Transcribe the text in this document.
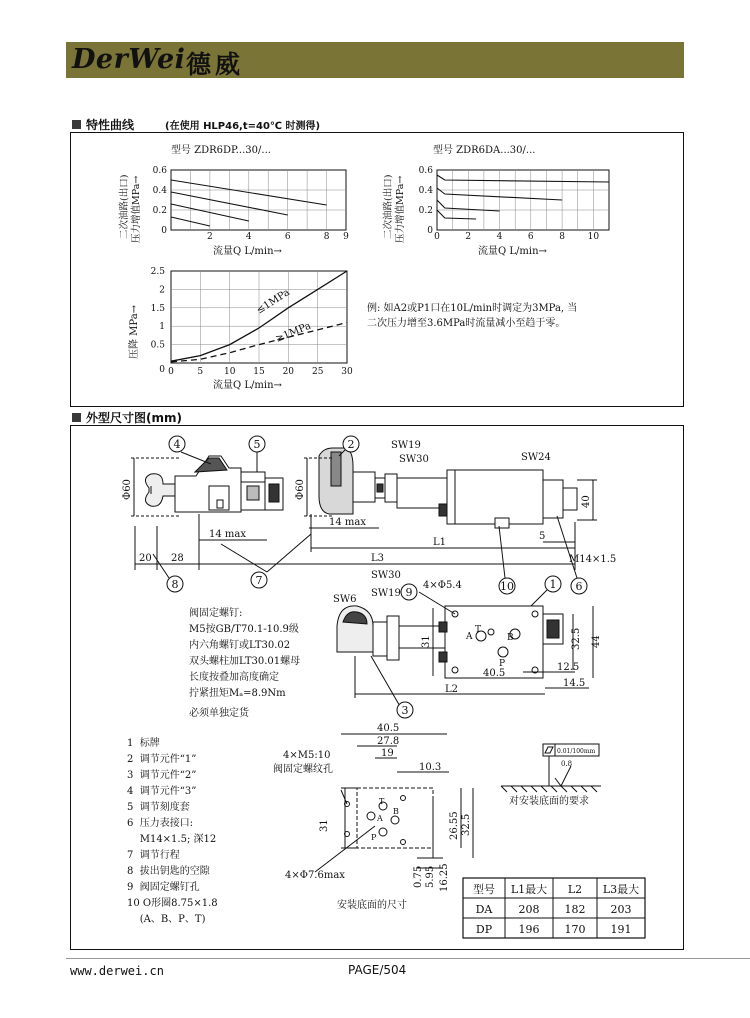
DerWei 德威
特性曲线	(在使用 HLP46,t=40℃ 时测得)
型号 ZDR6DP...30/...
0.6
0.4
0.2
0
2	4	6	8 9
流量Q L/min→
二次油路(出口) 压力增值MPa→
型号 ZDR6DA...30/...
0.6
0.4
0.2
0
0	2	4	6	8	10
流量Q L/min→
二次油路(出口) 压力增值MPa→
≤1MPa
≥1MPa
2.5
2
1.5
1
0.5
0 0	5 10 15 20 25 30
流量Q L/min→
压降 MPa→	例: 如A2或P1口在10L/min时调定为3MPa, 当
二次压力增至3.6MPa时流量减小至趋于零。
外型尺寸图(mm)
4	5	2
8	7	10	1 6
9
3
Φ60	Φ60
SW19
SW30	SW24
40
14 max
14 max
20 28
L1
L3
5
M14×1.5
SW30
SW6
SW19
4×Φ5.4
31	32.5 44
12.5
40.5
14.5
L2
T
A	B
P
阀固定螺钉:
M5按GB/T70.1-10.9级
内六角螺钉或LT30.02
双头螺柱加LT30.01螺母
长度按叠加高度确定
拧紧扭矩Mₐ=8.9Nm
必须单独定货
1  标牌
2  调节元件“1”
3  调节元件“2”
4  调节元件“3”
5  调节刻度套
6  压力表接口:
M14×1.5; 深12
7  调节行程
8  拔出钥匙的空隙
9  阀固定螺钉孔
10 O形圈8.75×1.8
(A、B、P、T)
40.5
27.8
19
10.3
4×M5:10
阀固定螺纹孔
31	26.55 32.5
0.75 5.95 16.25
4×Φ7.6max
安装底面的尺寸
A
T
B
P
0.01/100mm
0.8
对安装底面的要求
型号 L1最大 L2 L3最大
DA 208 182 203
DP 196 170 191
www.derwei.cn	PAGE/504
